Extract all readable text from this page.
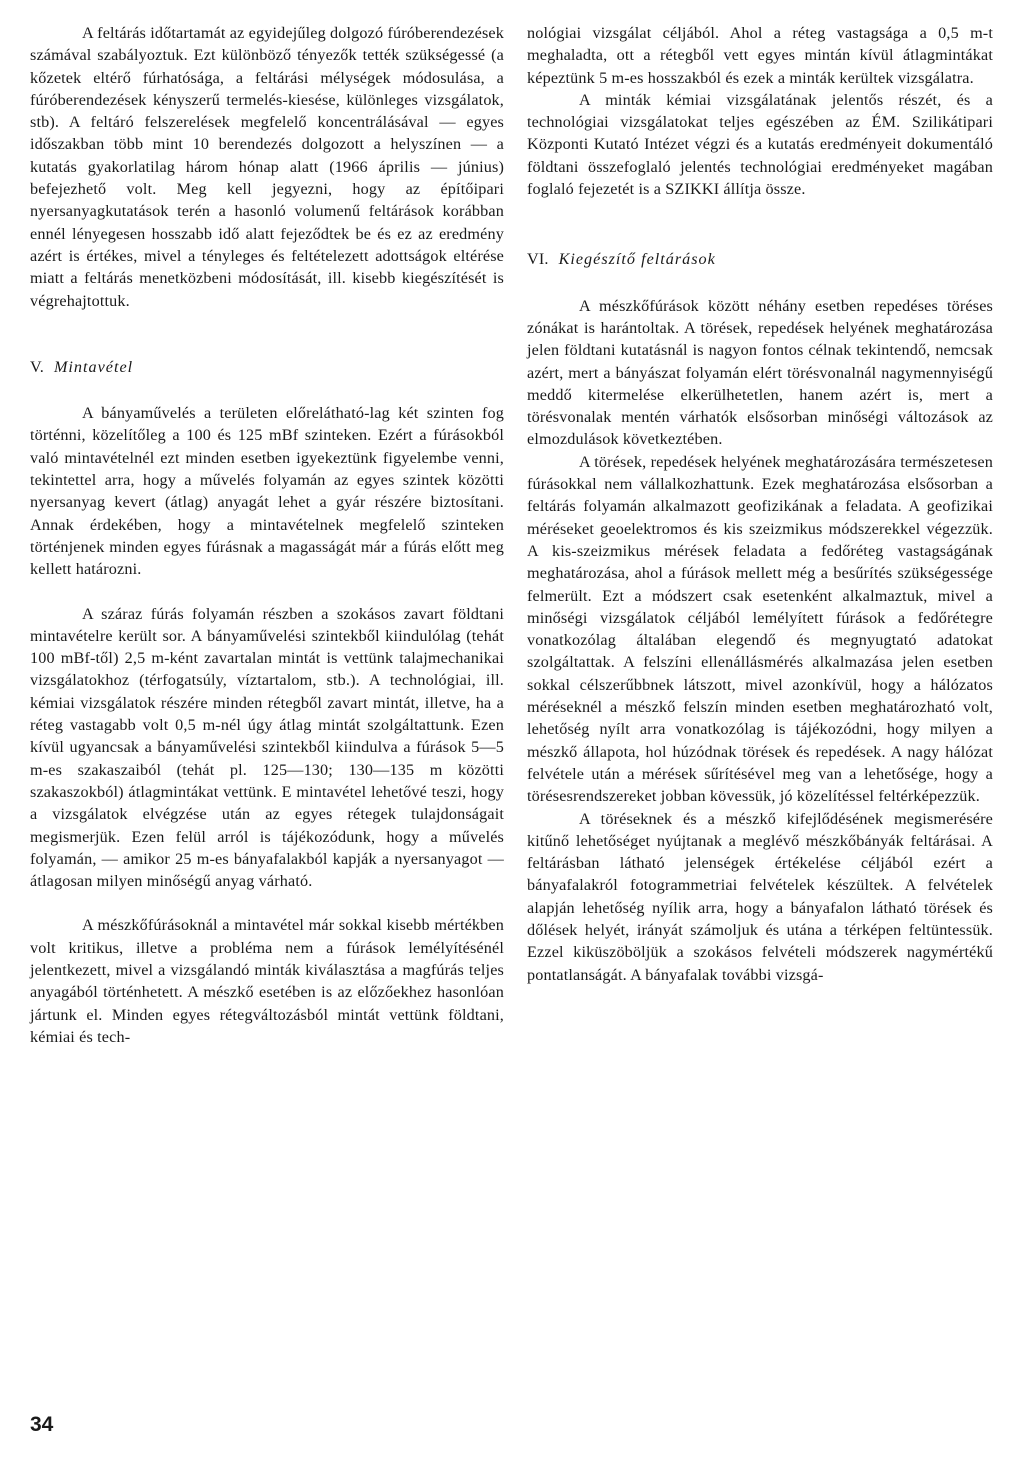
A feltárás időtartamát az egyidejűleg dolgozó fúróberendezések számával szabályoztuk. Ezt különböző tényezők tették szükségessé (a kőzetek eltérő fúrhatósága, a feltárási mélységek módosulása, a fúróberendezések kényszerű termelés-kiesése, különleges vizsgálatok, stb). A feltáró felszerelések megfelelő koncentrálásával — egyes időszakban több mint 10 berendezés dolgozott a helyszínen — a kutatás gyakorlatilag három hónap alatt (1966 április — június) befejezhető volt. Meg kell jegyezni, hogy az építőipari nyersanyagkutatások terén a hasonló volumenű feltárások korábban ennél lényegesen hosszabb idő alatt fejeződtek be és ez az eredmény azért is értékes, mivel a tényleges és feltételezett adottságok eltérése miatt a feltárás menetközbeni módosítását, ill. kisebb kiegészítését is végrehajtottuk.

V. Mintavétel

A bányaművelés a területen előrelátható-lag két szinten fog történni, közelítőleg a 100 és 125 mBf szinteken. Ezért a fúrásokból való mintavételnél ezt minden esetben igyekeztünk figyelembe venni, tekintettel arra, hogy a művelés folyamán az egyes szintek közötti nyersanyag kevert (átlag) anyagát lehet a gyár részére biztosítani. Annak érdekében, hogy a mintavételnek megfelelő szinteken történjenek minden egyes fúrásnak a magasságát már a fúrás előtt meg kellett határozni.

A száraz fúrás folyamán részben a szokásos zavart földtani mintavételre került sor. A bányaművelési szintekből kiindulólag (tehát 100 mBf-től) 2,5 m-ként zavartalan mintát is vettünk talajmechanikai vizsgálatokhoz (térfogatsúly, víztartalom, stb.). A technológiai, ill. kémiai vizsgálatok részére minden rétegből zavart mintát, illetve, ha a réteg vastagabb volt 0,5 m-nél úgy átlag mintát szolgáltattunk. Ezen kívül ugyancsak a bányaművelési szintekből kiindulva a fúrások 5—5 m-es szakaszaiból (tehát pl. 125—130; 130—135 m közötti szakaszokból) átlagmintákat vettünk. E mintavétel lehetővé teszi, hogy a vizsgálatok elvégzése után az egyes rétegek tulajdonságait megismerjük. Ezen felül arról is tájékozódunk, hogy a művelés folyamán, — amikor 25 m-es bányafalakból kapják a nyersanyagot — átlagosan milyen minőségű anyag várható.

A mészkőfúrásoknál a mintavétel már sokkal kisebb mértékben volt kritikus, illetve a probléma nem a fúrások lemélyítésénél jelentkezett, mivel a vizsgálandó minták kiválasztása a magfúrás teljes anyagából történhetett. A mészkő esetében is az előzőekhez hasonlóan jártunk el. Minden egyes rétegváltozásból mintát vettünk földtani, kémiai és tech-

nológiai vizsgálat céljából. Ahol a réteg vastagsága a 0,5 m-t meghaladta, ott a rétegből vett egyes mintán kívül átlagmintákat képeztünk 5 m-es hosszakból és ezek a minták kerültek vizsgálatra.

A minták kémiai vizsgálatának jelentős részét, és a technológiai vizsgálatokat teljes egészében az ÉM. Szilikátipari Központi Kutató Intézet végzi és a kutatás eredményeit dokumentáló földtani összefoglaló jelentés technológiai eredményeket magában foglaló fejezetét is a SZIKKI állítja össze.

VI. Kiegészítő feltárások

A mészkőfúrások között néhány esetben repedéses töréses zónákat is harántoltak. A törések, repedések helyének meghatározása jelen földtani kutatásnál is nagyon fontos célnak tekintendő, nemcsak azért, mert a bányászat folyamán elért törésvonalnál nagymennyiségű meddő kitermelése elkerülhetetlen, hanem azért is, mert a törésvonalak mentén várhatók elsősorban minőségi változások az elmozdulások következtében.

A törések, repedések helyének meghatározására természetesen fúrásokkal nem vállalkozhattunk. Ezek meghatározása elsősorban a feltárás folyamán alkalmazott geofizikának a feladata. A geofizikai méréseket geoelektromos és kis szeizmikus módszerekkel végezzük. A kis-szeizmikus mérések feladata a fedőréteg vastagságának meghatározása, ahol a fúrások mellett még a besűrítés szükségessége felmerült. Ezt a módszert csak esetenként alkalmaztuk, mivel a minőségi vizsgálatok céljából lemélyített fúrások a fedőrétegre vonatkozólag általában elegendő és megnyugtató adatokat szolgáltattak. A felszíni ellenállásmérés alkalmazása jelen esetben sokkal célszerűbbnek látszott, mivel azonkívül, hogy a hálózatos méréseknél a mészkő felszín minden esetben meghatározható volt, lehetőség nyílt arra vonatkozólag is tájékozódni, hogy milyen a mészkő állapota, hol húzódnak törések és repedések. A nagy hálózat felvétele után a mérések sűrítésével meg van a lehetősége, hogy a törésesrendszereket jobban kövessük, jó közelítéssel feltérképezzük.

A töréseknek és a mészkő kifejlődésének megismerésére kitűnő lehetőséget nyújtanak a meglévő mészkőbányák feltárásai. A feltárásban látható jelenségek értékelése céljából ezért a bányafalakról fotogrammetriai felvételek készültek. A felvételek alapján lehetőség nyílik arra, hogy a bányafalon látható törések és dőlések helyét, irányát számoljuk és utána a térképen feltüntessük. Ezzel kiküszöböljük a szokásos felvételi módszerek nagymértékű pontatlanságát. A bányafalak további vizsgá-

34
